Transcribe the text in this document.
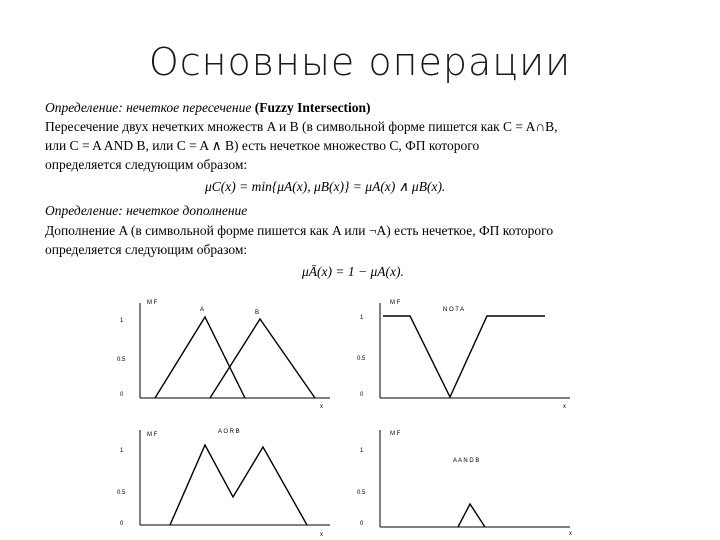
Основные операции
Определение: нечеткое пересечение (Fuzzy Intersection)
Пересечение двух нечетких множеств A и B (в символьной форме пишется как C = A∩B,
или C = A AND B, или C = A ∧ B) есть нечеткое множество C, ФП которого
определяется следующим образом:
μC(x) = min{μA(x), μB(x)} = μA(x) ∧ μB(x).
Определение: нечеткое дополнение
Дополнение A (в символьной форме пишется как A или ¬A) есть нечеткое, ФП которого
определяется следующим образом:
μĀ(x) = 1 − μA(x).
M F
1
0.5
0
x
A	B
M F
1
0.5
0
x
N O T A
M F
1
0.5
0
x
A O R B	M F
1
0.5
0
x
A A N D B
